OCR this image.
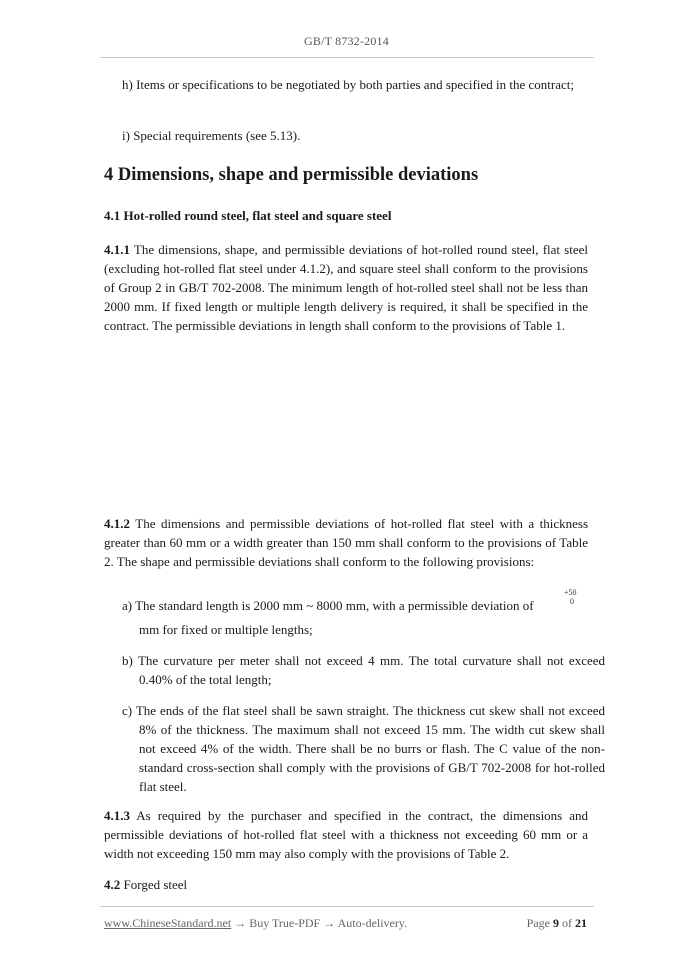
GB/T 8732-2014

h) Items or specifications to be negotiated by both parties and specified in the contract;

i) Special requirements (see 5.13).

4 Dimensions, shape and permissible deviations
4.1 Hot-rolled round steel, flat steel and square steel

4.1.1 The dimensions, shape, and permissible deviations of hot-rolled round steel, flat steel (excluding hot-rolled flat steel under 4.1.2), and square steel shall conform to the provisions of Group 2 in GB/T 702-2008. The minimum length of hot-rolled steel shall not be less than 2000 mm. If fixed length or multiple length delivery is required, it shall be specified in the contract. The permissible deviations in length shall conform to the provisions of Table 1.

4.1.2 The dimensions and permissible deviations of hot-rolled flat steel with a thickness greater than 60 mm or a width greater than 150 mm shall conform to the provisions of Table 2. The shape and permissible deviations shall conform to the following provisions:

a) The standard length is 2000 mm ~ 8000 mm, with a permissible deviation of

+50
0

mm for fixed or multiple lengths;

b) The curvature per meter shall not exceed 4 mm. The total curvature shall not exceed 0.40% of the total length;

c) The ends of the flat steel shall be sawn straight. The thickness cut skew shall not exceed 8% of the thickness. The maximum shall not exceed 15 mm. The width cut skew shall not exceed 4% of the width. There shall be no burrs or flash. The C value of the non-standard cross-section shall comply with the provisions of GB/T 702-2008 for hot-rolled flat steel.

4.1.3 As required by the purchaser and specified in the contract, the dimensions and permissible deviations of hot-rolled flat steel with a thickness not exceeding 60 mm or a width not exceeding 150 mm may also comply with the provisions of Table 2.

4.2 Forged steel

www.ChineseStandard.net → Buy True-PDF → Auto-delivery.	Page 9 of 21
